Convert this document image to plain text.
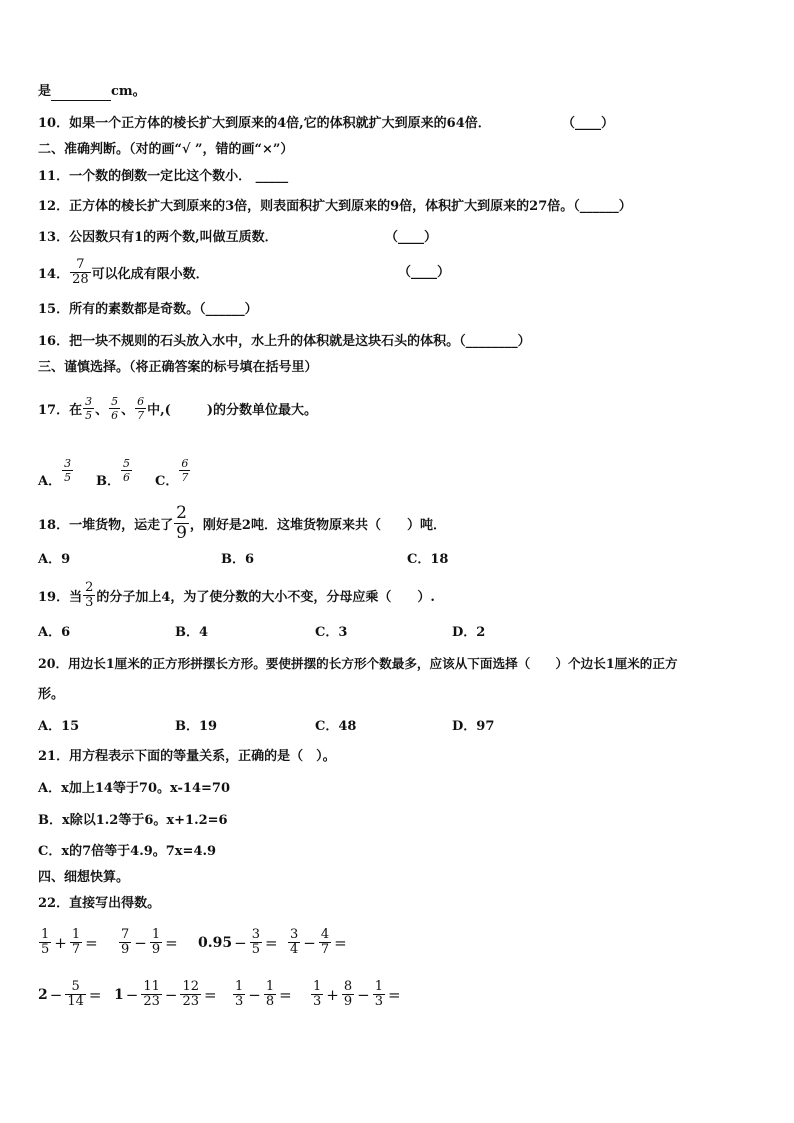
是	cm。
10．如果一个正方体的棱长扩大到原来的4倍,它的体积就扩大到原来的64倍．	（____）
二、准确判断。（对的画“√ ”，错的画“×”）
11．一个数的倒数一定比这个数小． _____
12．正方体的棱长扩大到原来的3倍，则表面积扩大到原来的9倍，体积扩大到原来的27倍。（______）
13．公因数只有1的两个数,叫做互质数．	（____）
14． $\frac{7}{28}$ 可以化成有限小数．	（____）
15．所有的素数都是奇数。（______）
16．把一块不规则的石头放入水中，水上升的体积就是这块石头的体积。（________）
三、谨慎选择。（将正确答案的标号填在括号里）
17．在 $\frac{3}{5}$ 、 $\frac{5}{6}$ 、 $\frac{6}{7}$ 中,(	)的分数单位最大。
A． $\frac{3}{5}$ B． $\frac{5}{6}$ C． $\frac{6}{7}$
18．一堆货物，运走了 $\frac{2}{9}$ ，刚好是2吨．这堆货物原来共（　　）吨．
A．9	B．6	C．18
19．当 $\frac{2}{3}$ 的分子加上4，为了使分数的大小不变，分母应乘（　　）.
A．6	B．4	C．3	D．2
20．用边长1厘米的正方形拼摆长方形。要使拼摆的长方形个数最多，应该从下面选择（　　）个边长1厘米的正方
形。
A．15	B．19	C．48	D．97
21．用方程表示下面的等量关系，正确的是（　）。
A．x加上14等于70。x-14=70
B．x除以1.2等于6。x+1.2=6
C．x的7倍等于4.9。7x=4.9
四、细想快算。
22．直接写出得数。
$\frac{1}{5} + \frac{1}{7} = \frac{7}{9} - \frac{1}{9} = 0.95 - \frac{3}{5} = \frac{3}{4} - \frac{4}{7}$ =
$2 - \frac{5}{14} = 1 - \frac{11}{23} - \frac{12}{23} = \frac{1}{3} - \frac{1}{8} = \frac{1}{3} + \frac{8}{9} - \frac{1}{3}$ =
